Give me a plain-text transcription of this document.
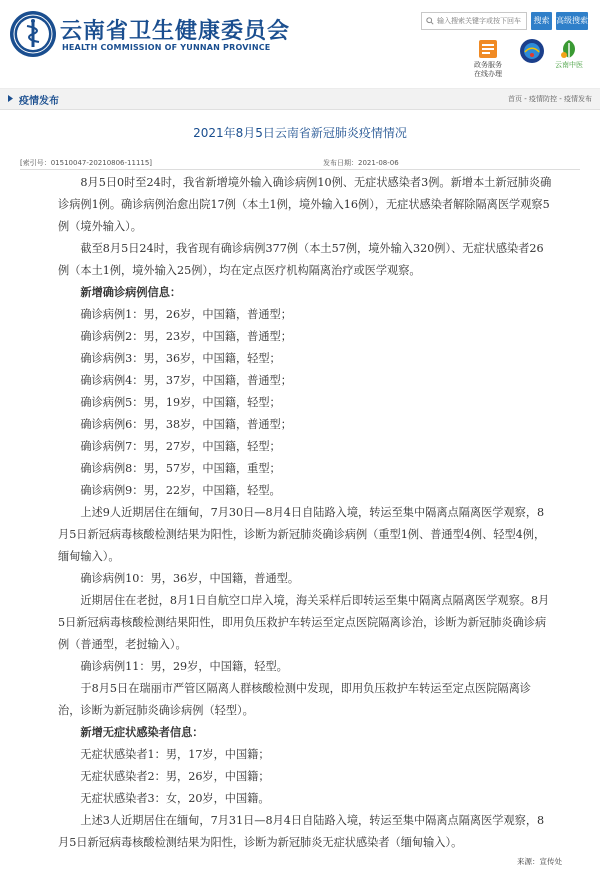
云南省卫生健康委员会
HEALTH COMMISSION OF YUNNAN PROVINCE
输入搜索关键字或按下回车
搜索 高级搜索
政务服务
在线办理
云南中医
疫情发布	首页 - 疫情防控 - 疫情发布
2021年8月5日云南省新冠肺炎疫情情况
[索引号：01510047-20210806-11115]	发布日期：2021-08-06

8月5日0时至24时，我省新增境外输入确诊病例10例、无症状感染者3例。新增本土新冠肺炎确诊病例1例。确诊病例治愈出院17例（本土1例，境外输入16例），无症状感染者解除隔离医学观察5例（境外输入）。

截至8月5日24时，我省现有确诊病例377例（本土57例，境外输入320例）、无症状感染者26例（本土1例，境外输入25例），均在定点医疗机构隔离治疗或医学观察。

新增确诊病例信息：

确诊病例1：男，26岁，中国籍，普通型；

确诊病例2：男，23岁，中国籍，普通型；

确诊病例3：男，36岁，中国籍，轻型；

确诊病例4：男，37岁，中国籍，普通型；

确诊病例5：男，19岁，中国籍，轻型；

确诊病例6：男，38岁，中国籍，普通型；

确诊病例7：男，27岁，中国籍，轻型；

确诊病例8：男，57岁，中国籍，重型；

确诊病例9：男，22岁，中国籍，轻型。

上述9人近期居住在缅甸，7月30日—8月4日自陆路入境，转运至集中隔离点隔离医学观察，8月5日新冠病毒核酸检测结果为阳性，诊断为新冠肺炎确诊病例（重型1例、普通型4例、轻型4例，缅甸输入）。

确诊病例10：男，36岁，中国籍，普通型。

近期居住在老挝，8月1日自航空口岸入境，海关采样后即转运至集中隔离点隔离医学观察。8月5日新冠病毒核酸检测结果阳性，即用负压救护车转运至定点医院隔离诊治，诊断为新冠肺炎确诊病例（普通型，老挝输入）。

确诊病例11：男，29岁，中国籍，轻型。

于8月5日在瑞丽市严管区隔离人群核酸检测中发现，即用负压救护车转运至定点医院隔离诊治，诊断为新冠肺炎确诊病例（轻型）。

新增无症状感染者信息：

无症状感染者1：男，17岁，中国籍；

无症状感染者2：男，26岁，中国籍；

无症状感染者3：女，20岁，中国籍。

上述3人近期居住在缅甸，7月31日—8月4日自陆路入境，转运至集中隔离点隔离医学观察，8月5日新冠病毒核酸检测结果为阳性，诊断为新冠肺炎无症状感染者（缅甸输入）。

来源：宣传处
